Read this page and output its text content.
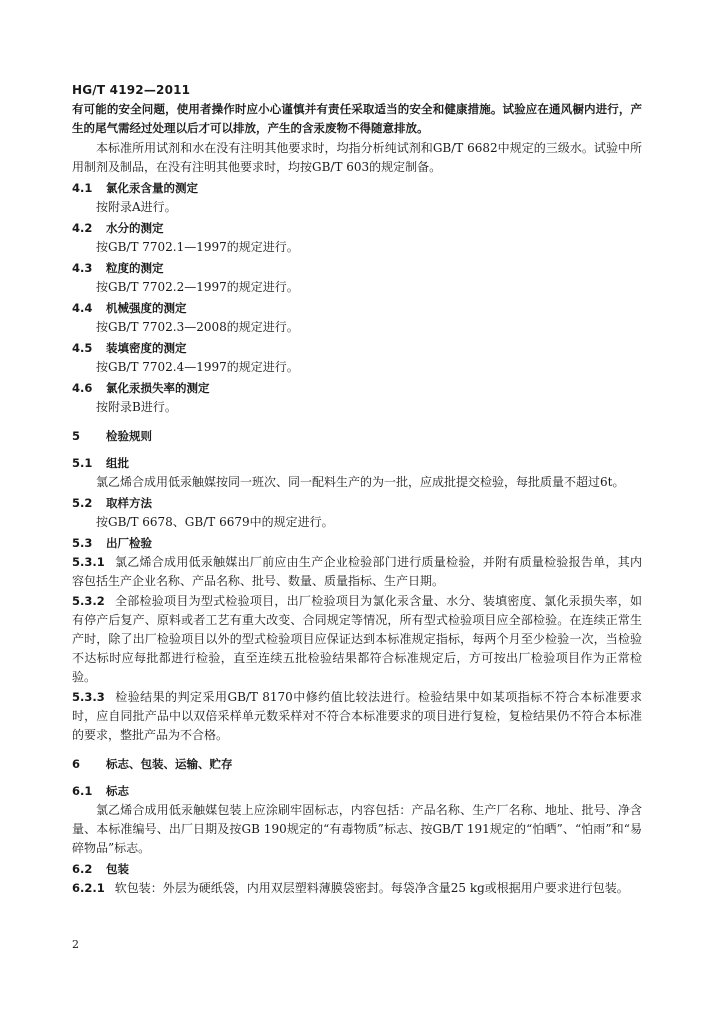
HG/T 4192—2011

有可能的安全问题，使用者操作时应小心谨慎并有责任采取适当的安全和健康措施。试验应在通风橱内进行，产生的尾气需经过处理以后才可以排放，产生的含汞废物不得随意排放。

本标准所用试剂和水在没有注明其他要求时，均指分析纯试剂和GB/T 6682中规定的三级水。试验中所用制剂及制品，在没有注明其他要求时，均按GB/T 603的规定制备。

4.1 氯化汞含量的测定

按附录A进行。

4.2 水分的测定

按GB/T 7702.1—1997的规定进行。

4.3 粒度的测定

按GB/T 7702.2—1997的规定进行。

4.4 机械强度的测定

按GB/T 7702.3—2008的规定进行。

4.5 装填密度的测定

按GB/T 7702.4—1997的规定进行。

4.6 氯化汞损失率的测定

按附录B进行。

5 检验规则
5.1 组批

氯乙烯合成用低汞触媒按同一班次、同一配料生产的为一批，应成批提交检验，每批质量不超过6t。

5.2 取样方法

按GB/T 6678、GB/T 6679中的规定进行。

5.3 出厂检验

5.3.1 氯乙烯合成用低汞触媒出厂前应由生产企业检验部门进行质量检验，并附有质量检验报告单，其内容包括生产企业名称、产品名称、批号、数量、质量指标、生产日期。

5.3.2 全部检验项目为型式检验项目，出厂检验项目为氯化汞含量、水分、装填密度、氯化汞损失率，如有停产后复产、原料或者工艺有重大改变、合同规定等情况，所有型式检验项目应全部检验。在连续正常生产时，除了出厂检验项目以外的型式检验项目应保证达到本标准规定指标，每两个月至少检验一次，当检验不达标时应每批都进行检验，直至连续五批检验结果都符合标准规定后，方可按出厂检验项目作为正常检验。

5.3.3 检验结果的判定采用GB/T 8170中修约值比较法进行。检验结果中如某项指标不符合本标准要求时，应自同批产品中以双倍采样单元数采样对不符合本标准要求的项目进行复检，复检结果仍不符合本标准的要求，整批产品为不合格。

6 标志、包装、运输、贮存
6.1 标志

氯乙烯合成用低汞触媒包装上应涂刷牢固标志，内容包括：产品名称、生产厂名称、地址、批号、净含量、本标准编号、出厂日期及按GB 190规定的“有毒物质”标志、按GB/T 191规定的“怕晒”、“怕雨”和“易碎物品”标志。

6.2 包装

6.2.1 软包装：外层为硬纸袋，内用双层塑料薄膜袋密封。每袋净含量25 kg或根据用户要求进行包装。

2
